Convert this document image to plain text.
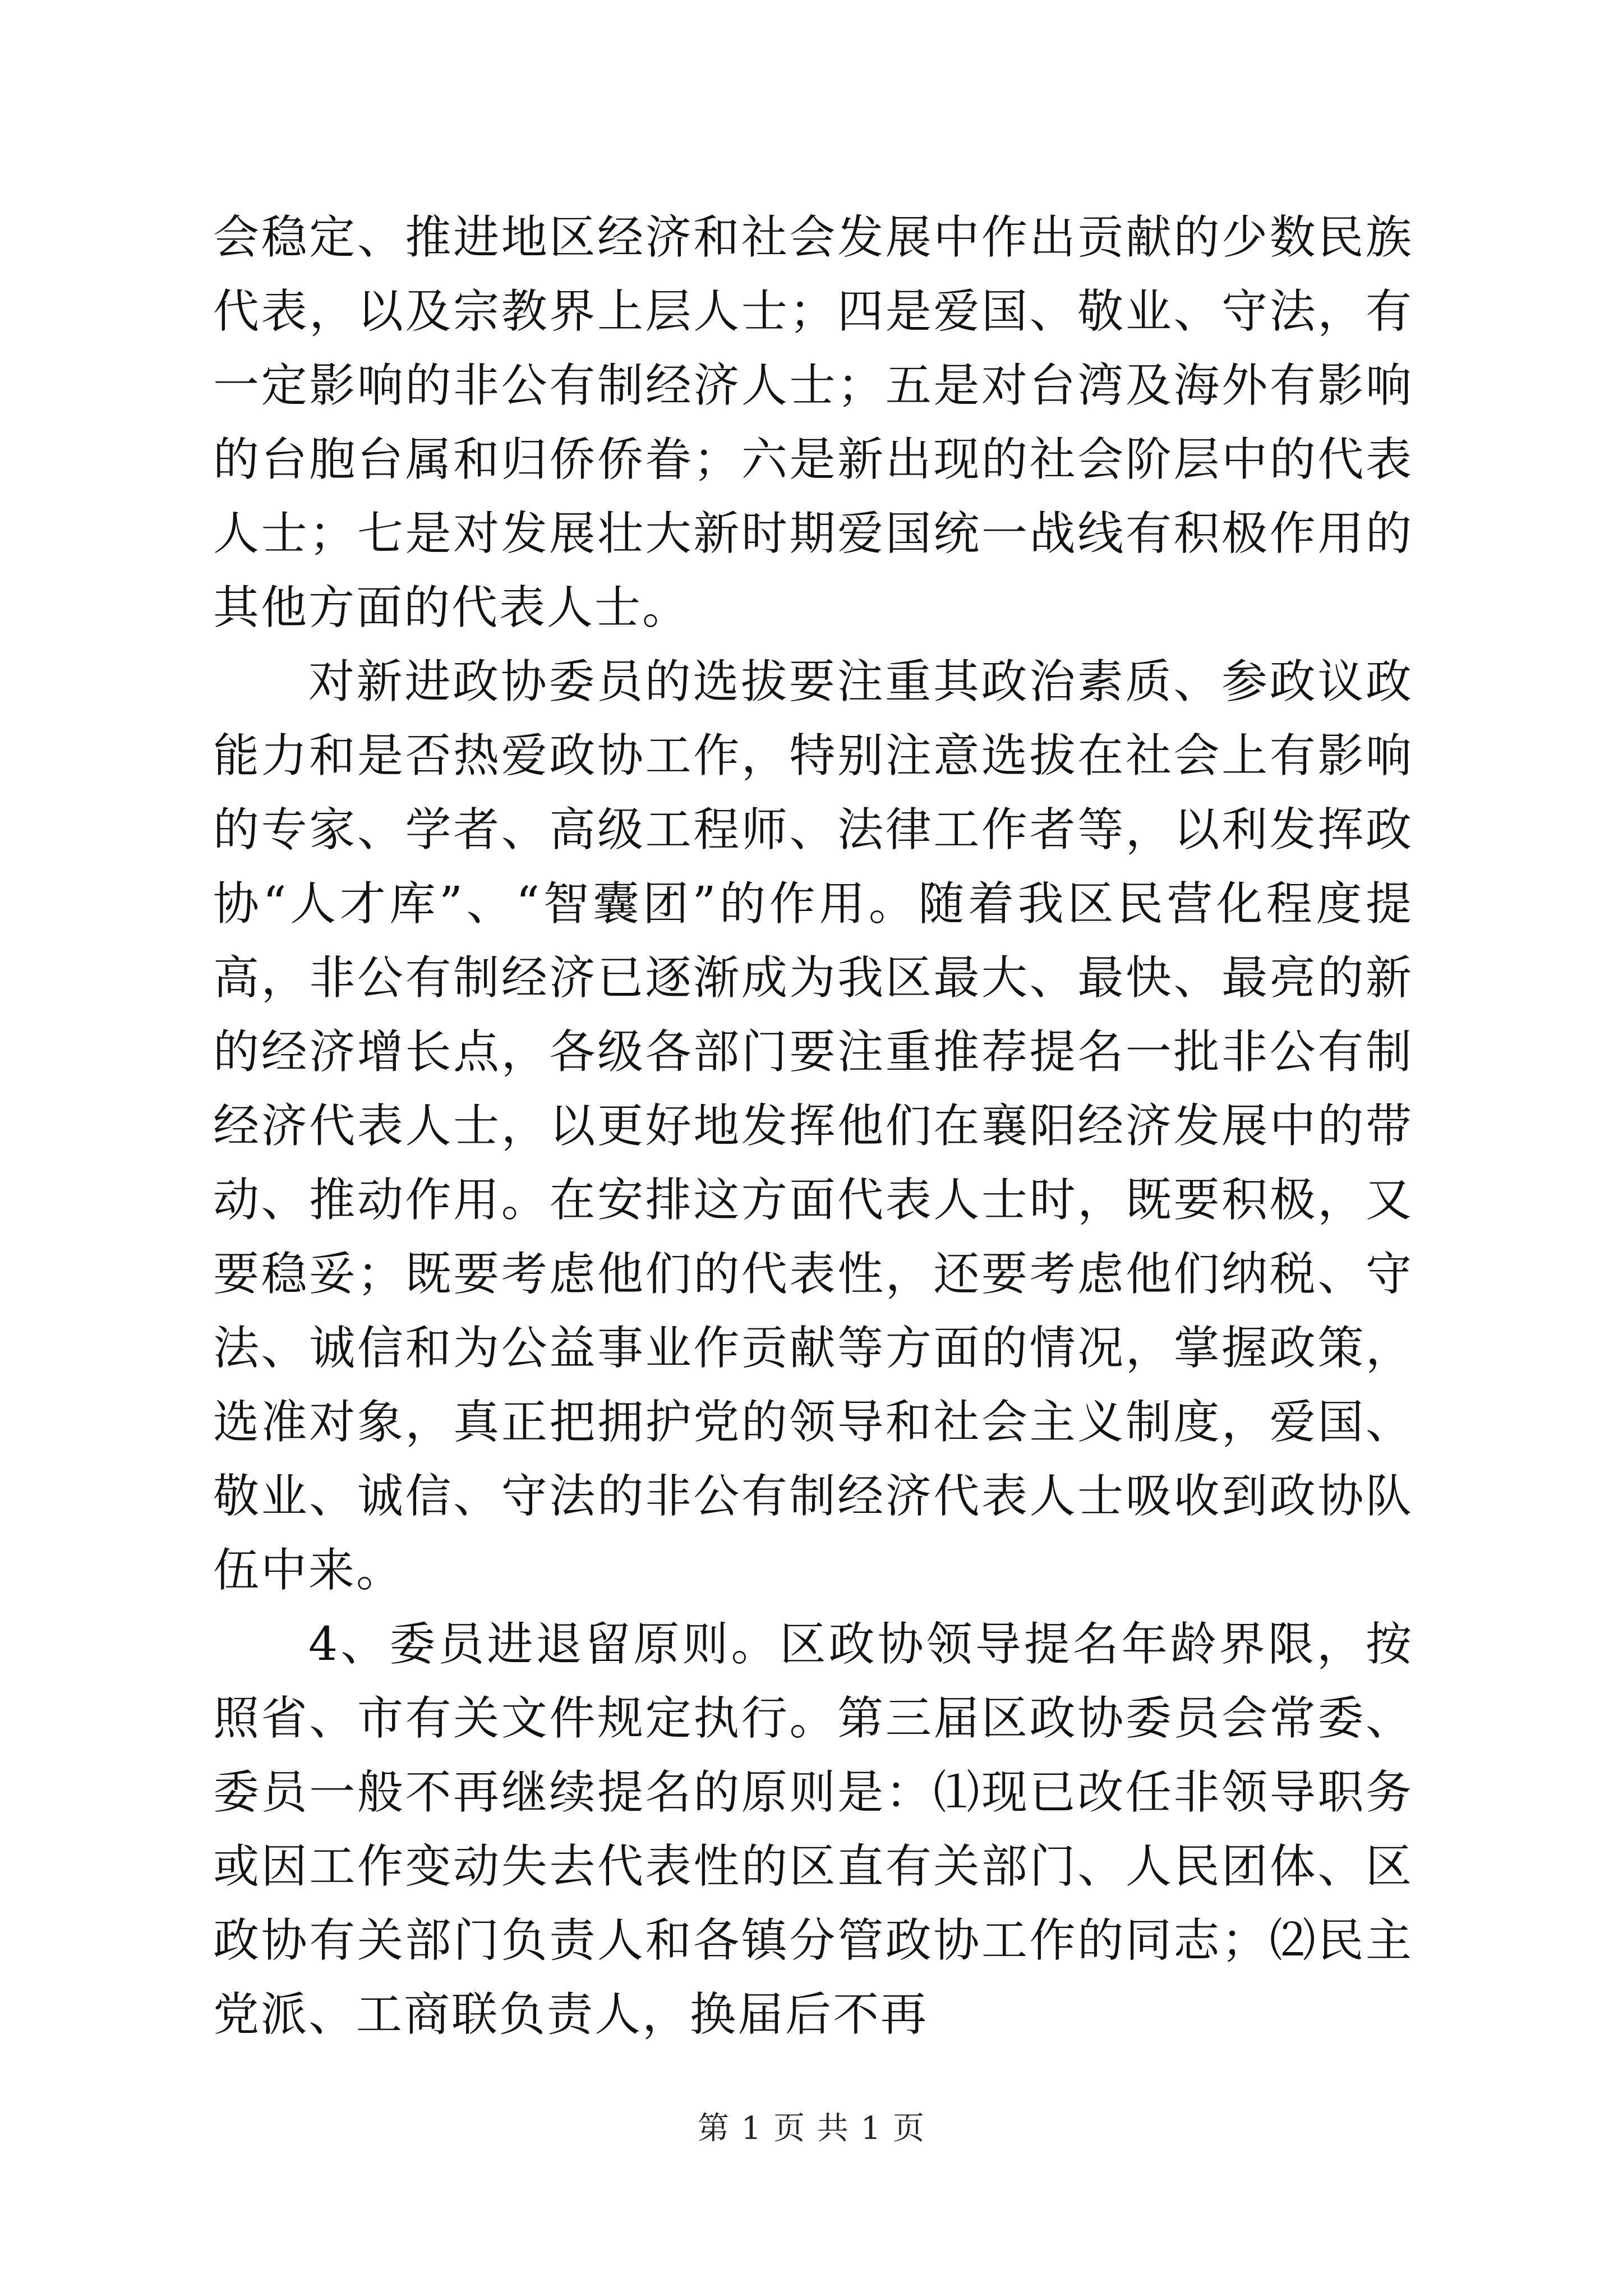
会稳定、推进地区经济和社会发展中作出贡献的少数民族代表，以及宗教界上层人士；四是爱国、敬业、守法，有一定影响的非公有制经济人士；五是对台湾及海外有影响的台胞台属和归侨侨眷；六是新出现的社会阶层中的代表人士；七是对发展壮大新时期爱国统一战线有积极作用的其他方面的代表人士。

对新进政协委员的选拔要注重其政治素质、参政议政能力和是否热爱政协工作，特别注意选拔在社会上有影响的专家、学者、高级工程师、法律工作者等，以利发挥政协“人才库”、“智囊团”的作用。随着我区民营化程度提高，非公有制经济已逐渐成为我区最大、最快、最亮的新的经济增长点，各级各部门要注重推荐提名一批非公有制经济代表人士，以更好地发挥他们在襄阳经济发展中的带动、推动作用。在安排这方面代表人士时，既要积极，又要稳妥；既要考虑他们的代表性，还要考虑他们纳税、守法、诚信和为公益事业作贡献等方面的情况，掌握政策，选准对象，真正把拥护党的领导和社会主义制度，爱国、敬业、诚信、守法的非公有制经济代表人士吸收到政协队伍中来。

4、委员进退留原则。区政协领导提名年龄界限，按照省、市有关文件规定执行。第三届区政协委员会常委、委员一般不再继续提名的原则是：⑴现已改任非领导职务或因工作变动失去代表性的区直有关部门、人民团体、区政协有关部门负责人和各镇分管政协工作的同志；⑵民主党派、工商联负责人，换届后不再

第 1 页 共 1 页
